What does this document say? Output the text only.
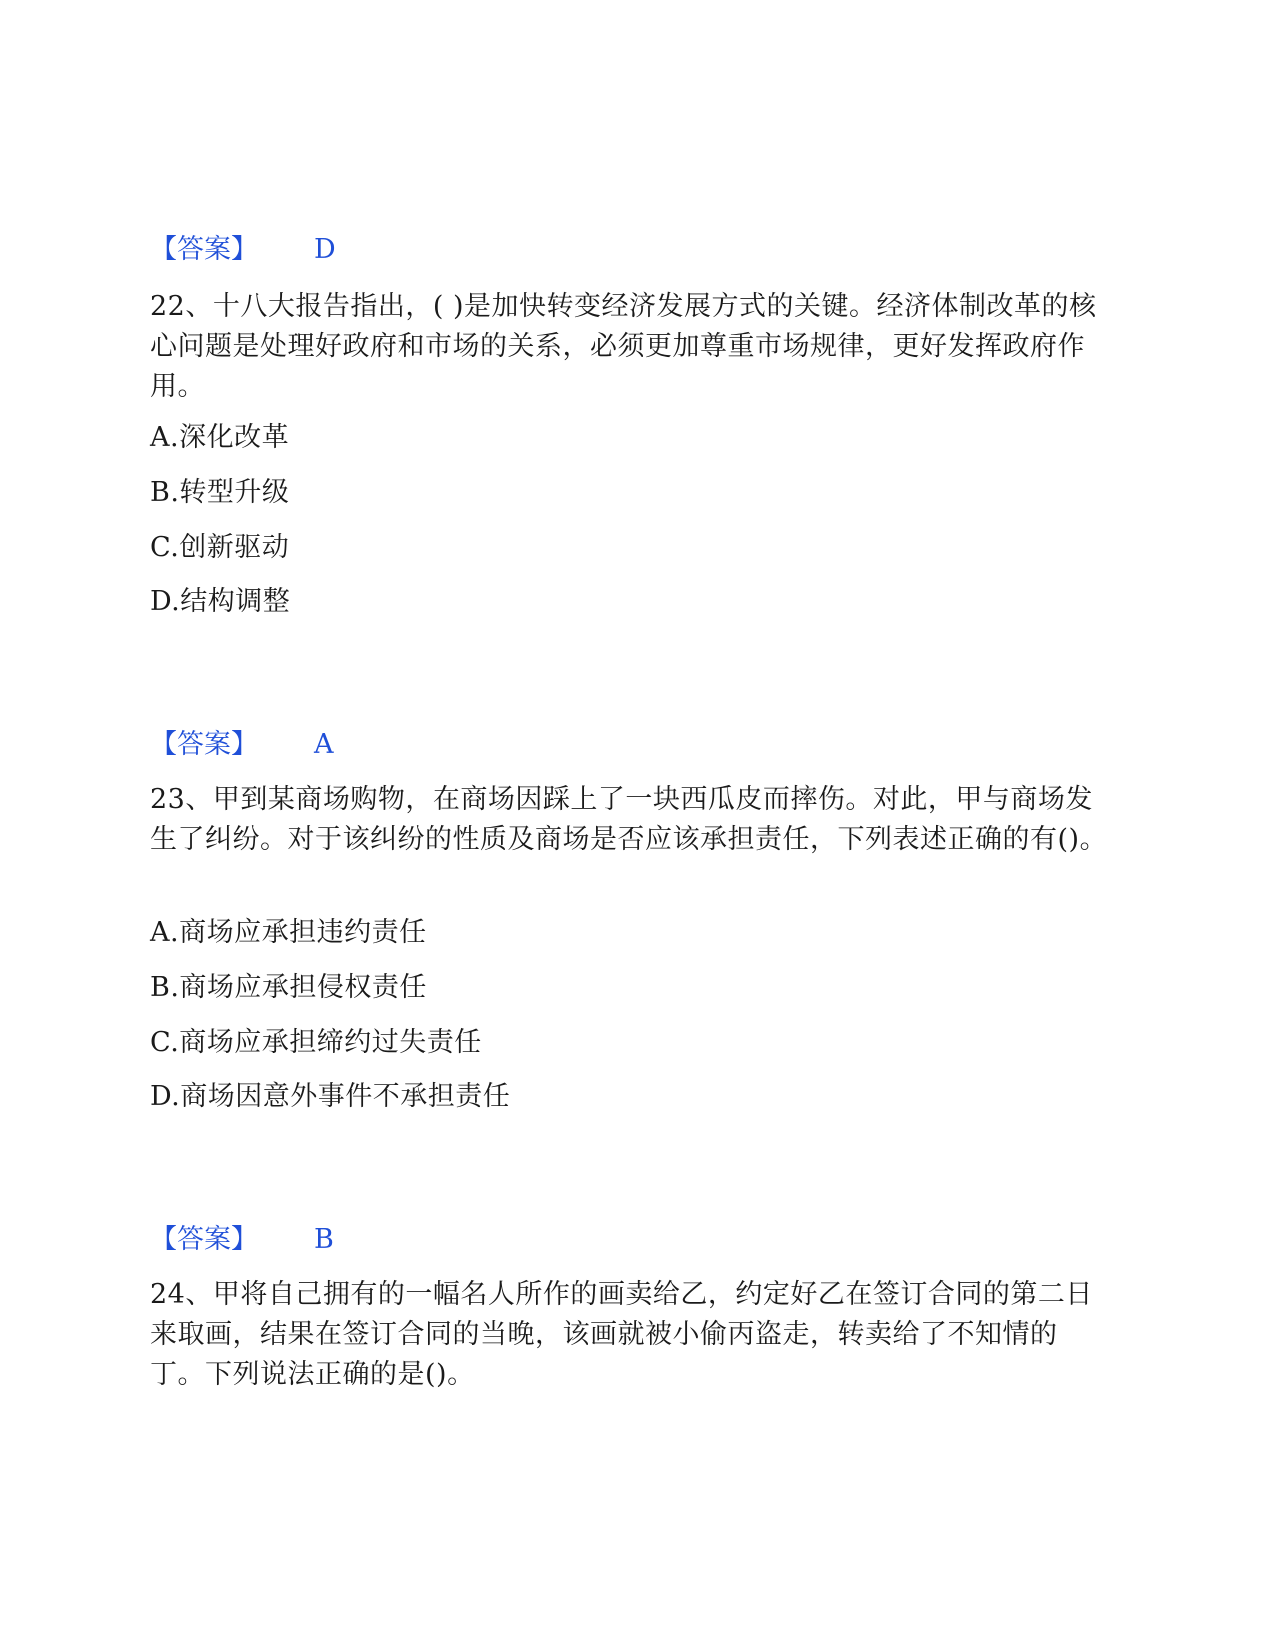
【答案】 D
22、十八大报告指出，( )是加快转变经济发展方式的关键。经济体制改革的核心问题是处理好政府和市场的关系，必须更加尊重市场规律，更好发挥政府作用。
A.深化改革
B.转型升级
C.创新驱动
D.结构调整
【答案】 A
23、甲到某商场购物，在商场因踩上了一块西瓜皮而摔伤。对此，甲与商场发生了纠纷。对于该纠纷的性质及商场是否应该承担责任，下列表述正确的有()。
A.商场应承担违约责任
B.商场应承担侵权责任
C.商场应承担缔约过失责任
D.商场因意外事件不承担责任
【答案】 B
24、甲将自己拥有的一幅名人所作的画卖给乙，约定好乙在签订合同的第二日来取画，结果在签订合同的当晚，该画就被小偷丙盗走，转卖给了不知情的丁。下列说法正确的是()。
